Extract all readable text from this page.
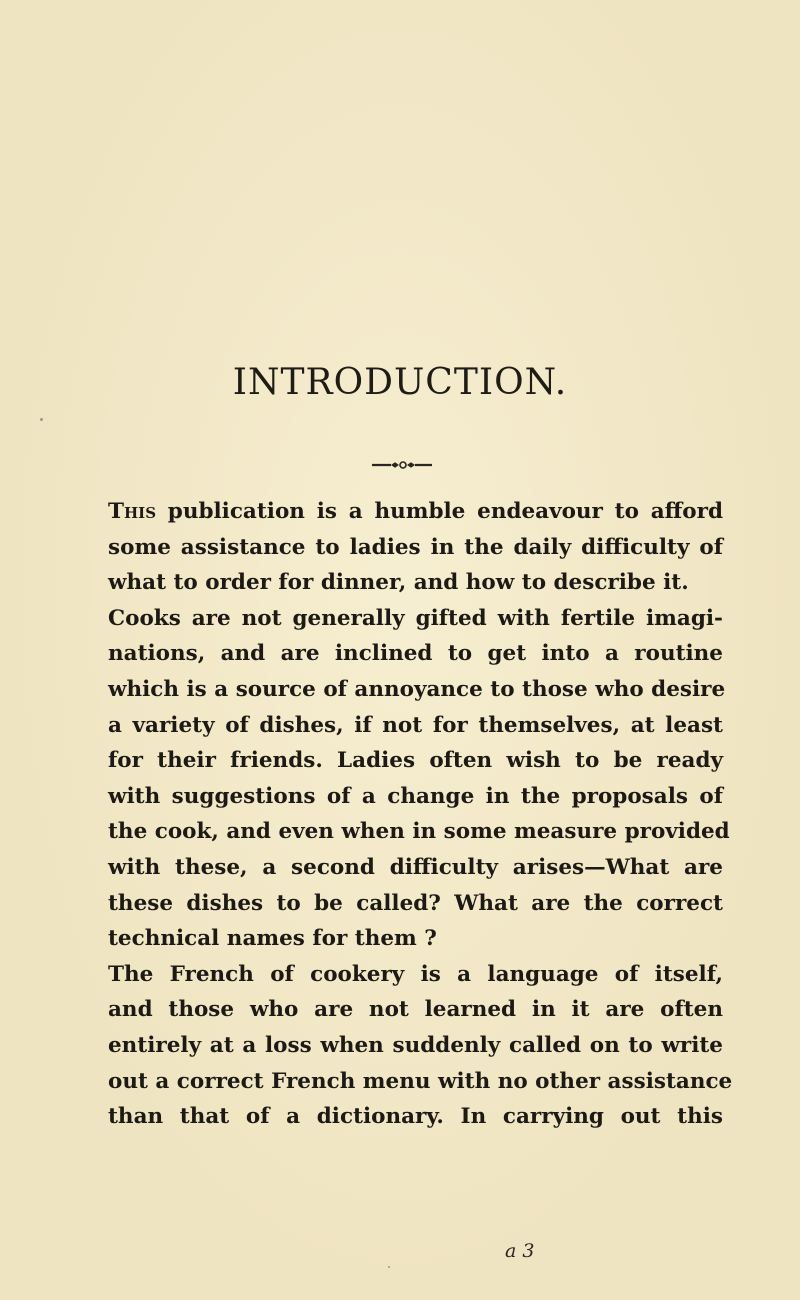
INTRODUCTION.

This publication is a humble endeavour to afford
some assistance to ladies in the daily difficulty of
what to order for dinner, and how to describe it.

Cooks are not generally gifted with fertile imagi-
nations, and are inclined to get into a routine
which is a source of annoyance to those who desire
a variety of dishes, if not for themselves, at least
for their friends. Ladies often wish to be ready
with suggestions of a change in the proposals of
the cook, and even when in some measure provided
with these, a second difficulty arises—What are
these dishes to be called? What are the correct
technical names for them ?

The French of cookery is a language of itself,
and those who are not learned in it are often
entirely at a loss when suddenly called on to write
out a correct French menu with no other assistance
than that of a dictionary. In carrying out this

a 3
